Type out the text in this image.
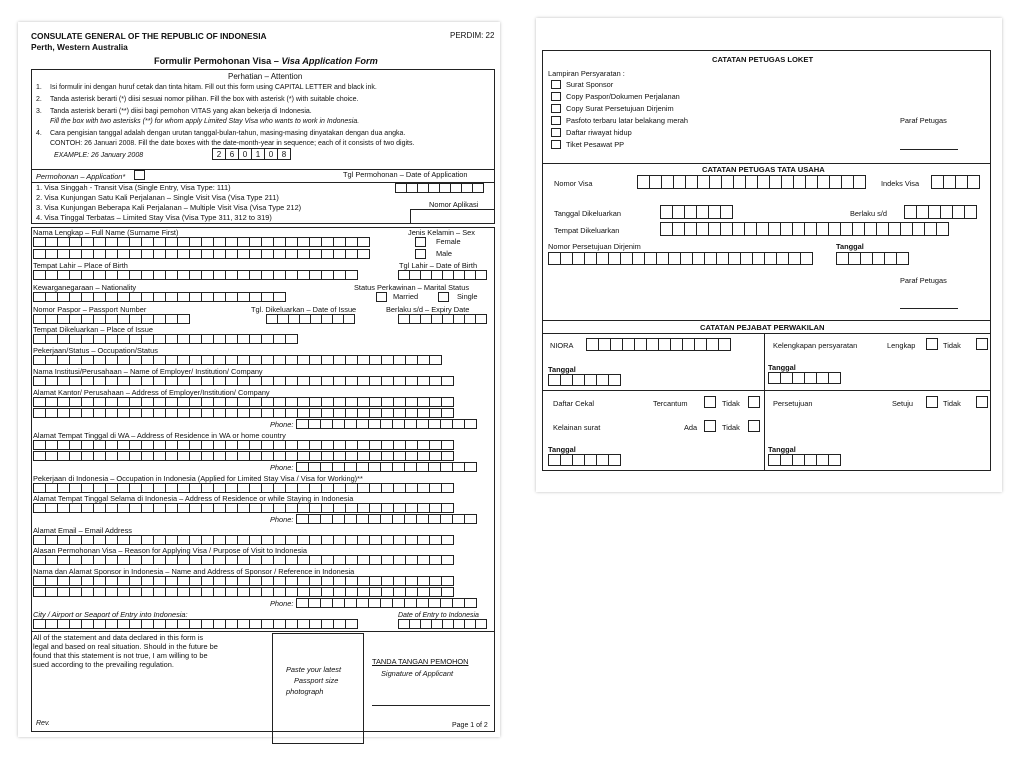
CONSULATE GENERAL OF THE REPUBLIC OF INDONESIA
Perth, Western Australia
PERDIM: 22
Formulir Permohonan Visa – Visa Application Form
Perhatian – Attention
1. Isi formulir ini dengan huruf cetak dan tinta hitam. Fill out this form using CAPITAL LETTER and black ink.
2. Tanda asterisk berarti (*) diisi sesuai nomor pilihan. Fill the box with asterisk (*) with suitable choice.
3. Tanda asterisk berarti (**) diisi bagi pemohon VITAS yang akan bekerja di Indonesia.
Fill the box with two asterisks (**) for whom apply Limited Stay Visa who wants to work in Indonesia.
4. Cara pengisian tanggal adalah dengan urutan tanggal-bulan-tahun, masing-masing dinyatakan dengan dua angka.
CONTOH: 26 Januari 2008. Fill the date boxes with the date-month-year in sequence; each of it consists of two digits.
EXAMPLE: 26 January 2008	2	6	0	1	0	8
Permohonan – Application*	Tgl Permohonan – Date of Application
1. Visa Singgah - Transit Visa (Single Entry, Visa Type: 111)
2. Visa Kunjungan Satu Kali Perjalanan – Single Visit Visa (Visa Type 211)
3. Visa Kunjungan Beberapa Kali Perjalanan – Multiple Visit Visa (Visa Type 212)
4. Visa Tinggal Terbatas – Limited Stay Visa (Visa Type 311, 312 to 319)
Nomor Aplikasi
Nama Lengkap – Full Name (Surname First)	Jenis Kelamin – Sex
Female
Male
Tempat Lahir – Place of Birth	Tgl Lahir – Date of Birth
Kewarganegaraan – Nationality	Status Perkawinan – Marital Status
Married	Single
Nomor Paspor – Passport Number	Tgl. Dikeluarkan – Date of Issue	Berlaku s/d – Expiry Date
Tempat Dikeluarkan – Place of Issue
Pekerjaan/Status – Occupation/Status
Nama Institusi/Perusahaan – Name of Employer/ Institution/ Company
Alamat Kantor/ Perusahaan – Address of Employer/Institution/ Company
Phone:
Alamat Tempat Tinggal di WA – Address of Residence in WA or home country
Phone:
Pekerjaan di Indonesia – Occupation in Indonesia (Applied for Limited Stay Visa / Visa for Working)**
Alamat Tempat Tinggal Selama di Indonesia – Address of Residence or while Staying in Indonesia
Phone:
Alamat Email – Email Address
Alasan Permohonan Visa – Reason for Applying Visa / Purpose of Visit to Indonesia
Nama dan Alamat Sponsor in Indonesia – Name and Address of Sponsor / Reference in Indonesia
Phone:
City / Airport or Seaport of Entry into Indonesia:	Date of Entry to Indonesia
All of the statement and data declared in this form is
legal and based on real situation. Should in the future be
found that this statement is not true, I am willing to be
sued according to the prevailing regulation.
Paste your latest
Passport size
photograph
TANDA TANGAN PEMOHON
Signature of Applicant
Rev.	Page 1 of 2
CATATAN PETUGAS LOKET
Lampiran Persyaratan :
Surat Sponsor
Copy Paspor/Dokumen Perjalanan
Copy Surat Persetujuan Dirjenim
Pasfoto terbaru latar belakang merah
Daftar riwayat hidup
Tiket Pesawat PP
Paraf Petugas
CATATAN PETUGAS TATA USAHA
Nomor Visa	Indeks Visa
Tanggal Dikeluarkan	Berlaku s/d
Tempat Dikeluarkan
Nomor Persetujuan Dirjenim	Tanggal
Paraf Petugas
CATATAN PEJABAT PERWAKILAN
NIORA
Tanggal
Kelengkapan persyaratan	Lengkap	Tidak
Tanggal
Daftar Cekal	Tercantum	Tidak
Kelainan surat	Ada	Tidak
Tanggal
Persetujuan	Setuju	Tidak
Tanggal
